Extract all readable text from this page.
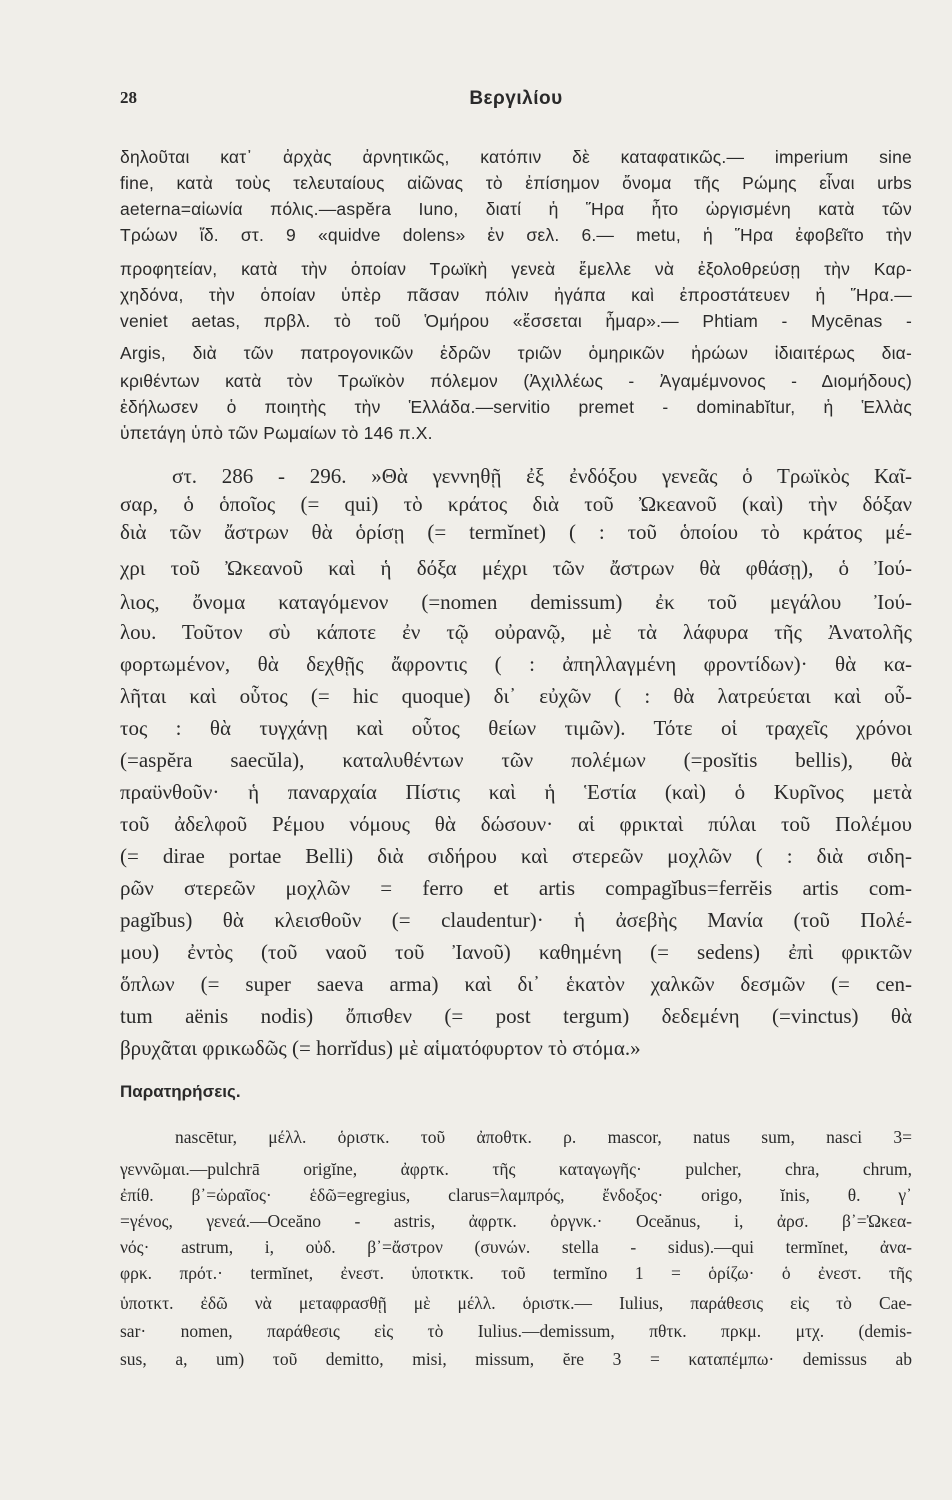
28	Βεργιλίου
δηλοῦται κατ᾽ ἀρχὰς ἀρνητικῶς, κατόπιν δὲ καταφατικῶς.— imperium sine
fine, κατὰ τοὺς τελευταίους αἰῶνας τὸ ἐπίσημον ὄνομα τῆς Ρώμης εἶναι urbs
aeterna=αἰωνία πόλις.—aspĕra Iuno, διατί ἡ Ἥρα ἦτο ὠργισμένη κατὰ τῶν
Τρώων ἴδ. στ. 9 «quidve dolens» ἐν σελ. 6.— metu, ἡ Ἥρα ἐφοβεῖτο τὴν
προφητείαν, κατὰ τὴν ὁποίαν Τρωϊκὴ γενεὰ ἔμελλε νὰ ἐξολοθρεύσῃ τὴν Καρ-
χηδόνα, τὴν ὁποίαν ὑπὲρ πᾶσαν πόλιν ἠγάπα καὶ ἐπροστάτευεν ἡ Ἥρα.—
veniet aetas, πρβλ. τὸ τοῦ Ὁμήρου «ἔσσεται ἦμαρ».— Phtiam - Mycēnas -
Argis, διὰ τῶν πατρογονικῶν ἑδρῶν τριῶν ὁμηρικῶν ἡρώων ἰδιαιτέρως δια-
κριθέντων κατὰ τὸν Τρωϊκὸν πόλεμον (Ἀχιλλέως - Ἀγαμέμνονος - Διομήδους)
ἐδήλωσεν ὁ ποιητὴς τὴν Ἑλλάδα.—servitio premet - dominabĭtur, ἡ Ἑλλὰς
ὑπετάγη ὑπὸ τῶν Ρωμαίων τὸ 146 π.Χ.
στ. 286 - 296. »Θὰ γεννηθῇ ἐξ ἐνδόξου γενεᾶς ὁ Τρωϊκὸς Καῖ-
σαρ, ὁ ὁποῖος (= qui) τὸ κράτος διὰ τοῦ Ὠκεανοῦ (καὶ) τὴν δόξαν
διὰ τῶν ἄστρων θὰ ὁρίσῃ (= termĭnet) ( : τοῦ ὁποίου τὸ κράτος μέ-
χρι τοῦ Ὠκεανοῦ καὶ ἡ δόξα μέχρι τῶν ἄστρων θὰ φθάσῃ), ὁ Ἰού-
λιος, ὄνομα καταγόμενον (=nomen demissum) ἐκ τοῦ μεγάλου Ἰού-
λου. Τοῦτον σὺ κάποτε ἐν τῷ οὐρανῷ, μὲ τὰ λάφυρα τῆς Ἀνατολῆς
φορτωμένον, θὰ δεχθῇς ἄφροντις ( : ἀπηλλαγμένη φροντίδων)· θὰ κα-
λῆται καὶ οὗτος (= hic quoque) δι᾽ εὐχῶν ( : θὰ λατρεύεται καὶ οὗ-
τος : θὰ τυγχάνῃ καὶ οὗτος θείων τιμῶν). Τότε οἱ τραχεῖς χρόνοι
(=aspĕra saecŭla), καταλυθέντων τῶν πολέμων (=posĭtis bellis), θὰ
πραϋνθοῦν· ἡ παναρχαία Πίστις καὶ ἡ Ἑστία (καὶ) ὁ Κυρῖνος μετὰ
τοῦ ἀδελφοῦ Ρέμου νόμους θὰ δώσουν· αἱ φρικταὶ πύλαι τοῦ Πολέμου
(= dirae portae Belli) διὰ σιδήρου καὶ στερεῶν μοχλῶν ( : διὰ σιδη-
ρῶν στερεῶν μοχλῶν = ferro et artis compagĭbus=ferrĕis artis com-
pagĭbus) θὰ κλεισθοῦν (= claudentur)· ἡ ἀσεβὴς Μανία (τοῦ Πολέ-
μου) ἐντὸς (τοῦ ναοῦ τοῦ Ἰανοῦ) καθημένη (= sedens) ἐπὶ φρικτῶν
ὅπλων (= super saeva arma) καὶ δι᾽ ἑκατὸν χαλκῶν δεσμῶν (= cen-
tum aënis nodis) ὄπισθεν (= post tergum) δεδεμένη (=vinctus) θὰ
βρυχᾶται φρικωδῶς (= horrĭdus) μὲ αἱματόφυρτον τὸ στόμα.»
Παρατηρήσεις.
nascētur, μέλλ. ὁριστκ. τοῦ ἀποθτκ. ρ. mascor, natus sum, nasci 3=
γεννῶμαι.—pulchrā origĭne, ἀφρτκ. τῆς καταγωγῆς· pulcher, chra, chrum,
ἐπίθ. β᾽=ὡραῖος· ἑδῶ=egregius, clarus=λαμπρός, ἔνδοξος· origo, ĭnis, θ. γ᾽
=γένος, γενεά.—Oceăno - astris, ἀφρτκ. ὀργνκ.· Oceănus, i, ἀρσ. β᾽=Ὠκεα-
νός· astrum, i, οὐδ. β᾽=ἄστρον (συνών. stella - sidus).—qui termĭnet, ἀνα-
φρκ. πρότ.· termĭnet, ἐνεστ. ὑποτκτκ. τοῦ termĭno 1 = ὁρίζω· ὁ ἐνεστ. τῆς
ὑποτκτ. ἐδῶ νὰ μεταφρασθῇ μὲ μέλλ. ὁριστκ.— Iulius, παράθεσις εἰς τὸ Cae-
sar· nomen, παράθεσις εἰς τὸ Iulius.—demissum, πθτκ. πρκμ. μτχ. (demis-
sus, a, um) τοῦ demitto, misi, missum, ĕre 3 = καταπέμπω· demissus ab
